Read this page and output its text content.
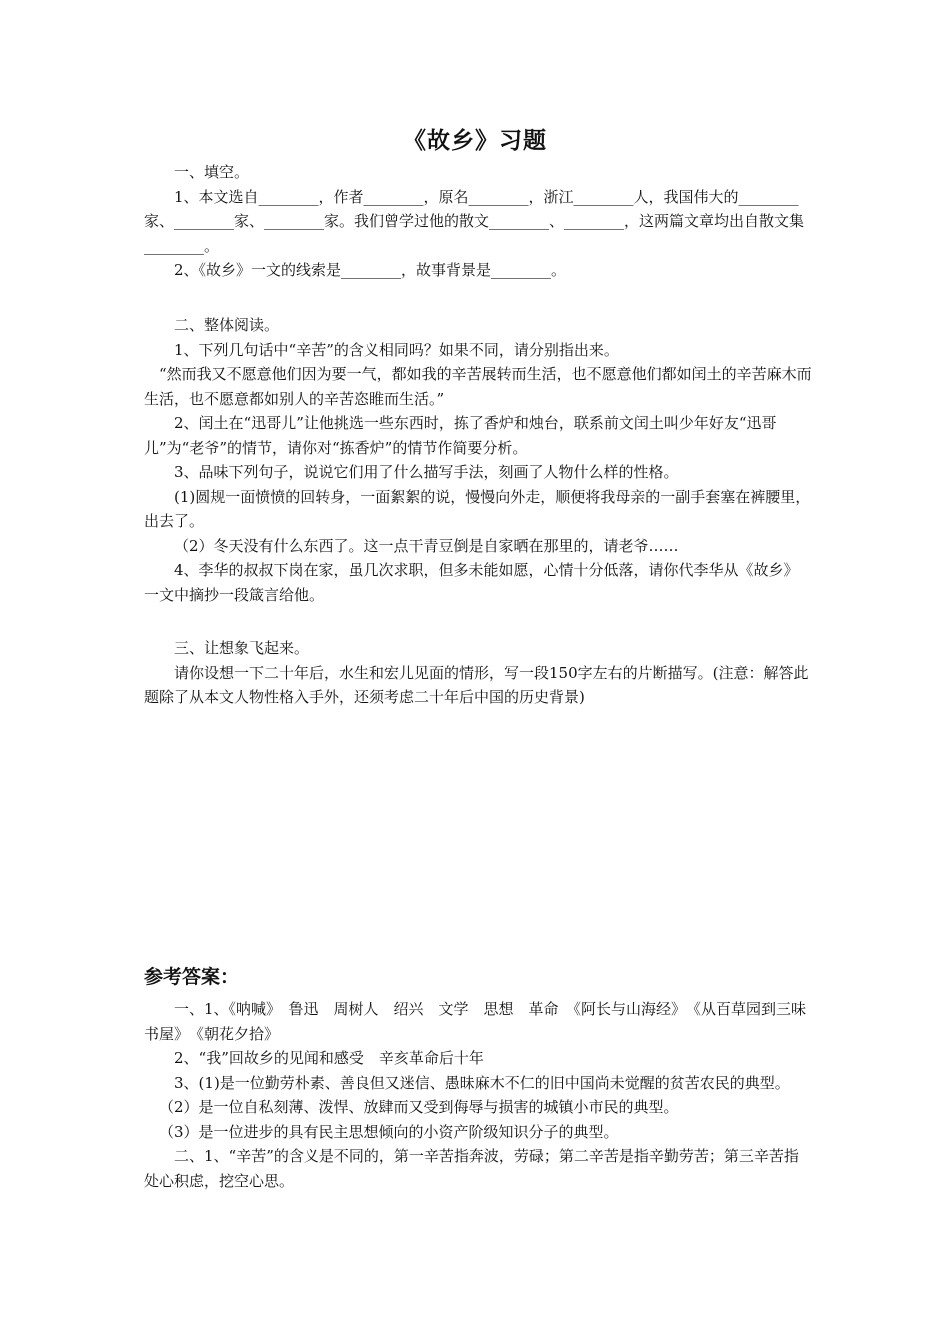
《故乡》习题

一、填空。

1、本文选自________，作者________，原名________，浙江________人，我国伟大的________家、________家、________家。我们曾学过他的散文________、________，这两篇文章均出自散文集________。

2、《故乡》一文的线索是________，故事背景是________。

二、整体阅读。

1、下列几句话中“辛苦”的含义相同吗？如果不同，请分别指出来。

“然而我又不愿意他们因为要一气，都如我的辛苦展转而生活，也不愿意他们都如闰土的辛苦麻木而生活，也不愿意都如别人的辛苦恣睢而生活。”

2、闰土在“迅哥儿”让他挑选一些东西时，拣了香炉和烛台，联系前文闰土叫少年好友“迅哥儿”为“老爷”的情节，请你对“拣香炉”的情节作简要分析。

3、品味下列句子，说说它们用了什么描写手法，刻画了人物什么样的性格。

(1)圆规一面愤愤的回转身，一面絮絮的说，慢慢向外走，顺便将我母亲的一副手套塞在裤腰里，出去了。

（2）冬天没有什么东西了。这一点干青豆倒是自家晒在那里的，请老爷……

4、李华的叔叔下岗在家，虽几次求职，但多未能如愿，心情十分低落，请你代李华从《故乡》一文中摘抄一段箴言给他。

三、让想象飞起来。

请你设想一下二十年后，水生和宏儿见面的情形，写一段150字左右的片断描写。(注意：解答此题除了从本文人物性格入手外，还须考虑二十年后中国的历史背景)

参考答案：

一、1、《呐喊》　鲁迅　周树人　绍兴　文学　思想　革命　《阿长与山海经》　《从百草园到三味书屋》　《朝花夕拾》

2、“我”回故乡的见闻和感受　辛亥革命后十年

3、(1)是一位勤劳朴素、善良但又迷信、愚昧麻木不仁的旧中国尚未觉醒的贫苦农民的典型。

（2）是一位自私刻薄、泼悍、放肆而又受到侮辱与损害的城镇小市民的典型。

（3）是一位进步的具有民主思想倾向的小资产阶级知识分子的典型。

二、1、“辛苦”的含义是不同的，第一辛苦指奔波，劳碌；第二辛苦是指辛勤劳苦；第三辛苦指处心积虑，挖空心思。
